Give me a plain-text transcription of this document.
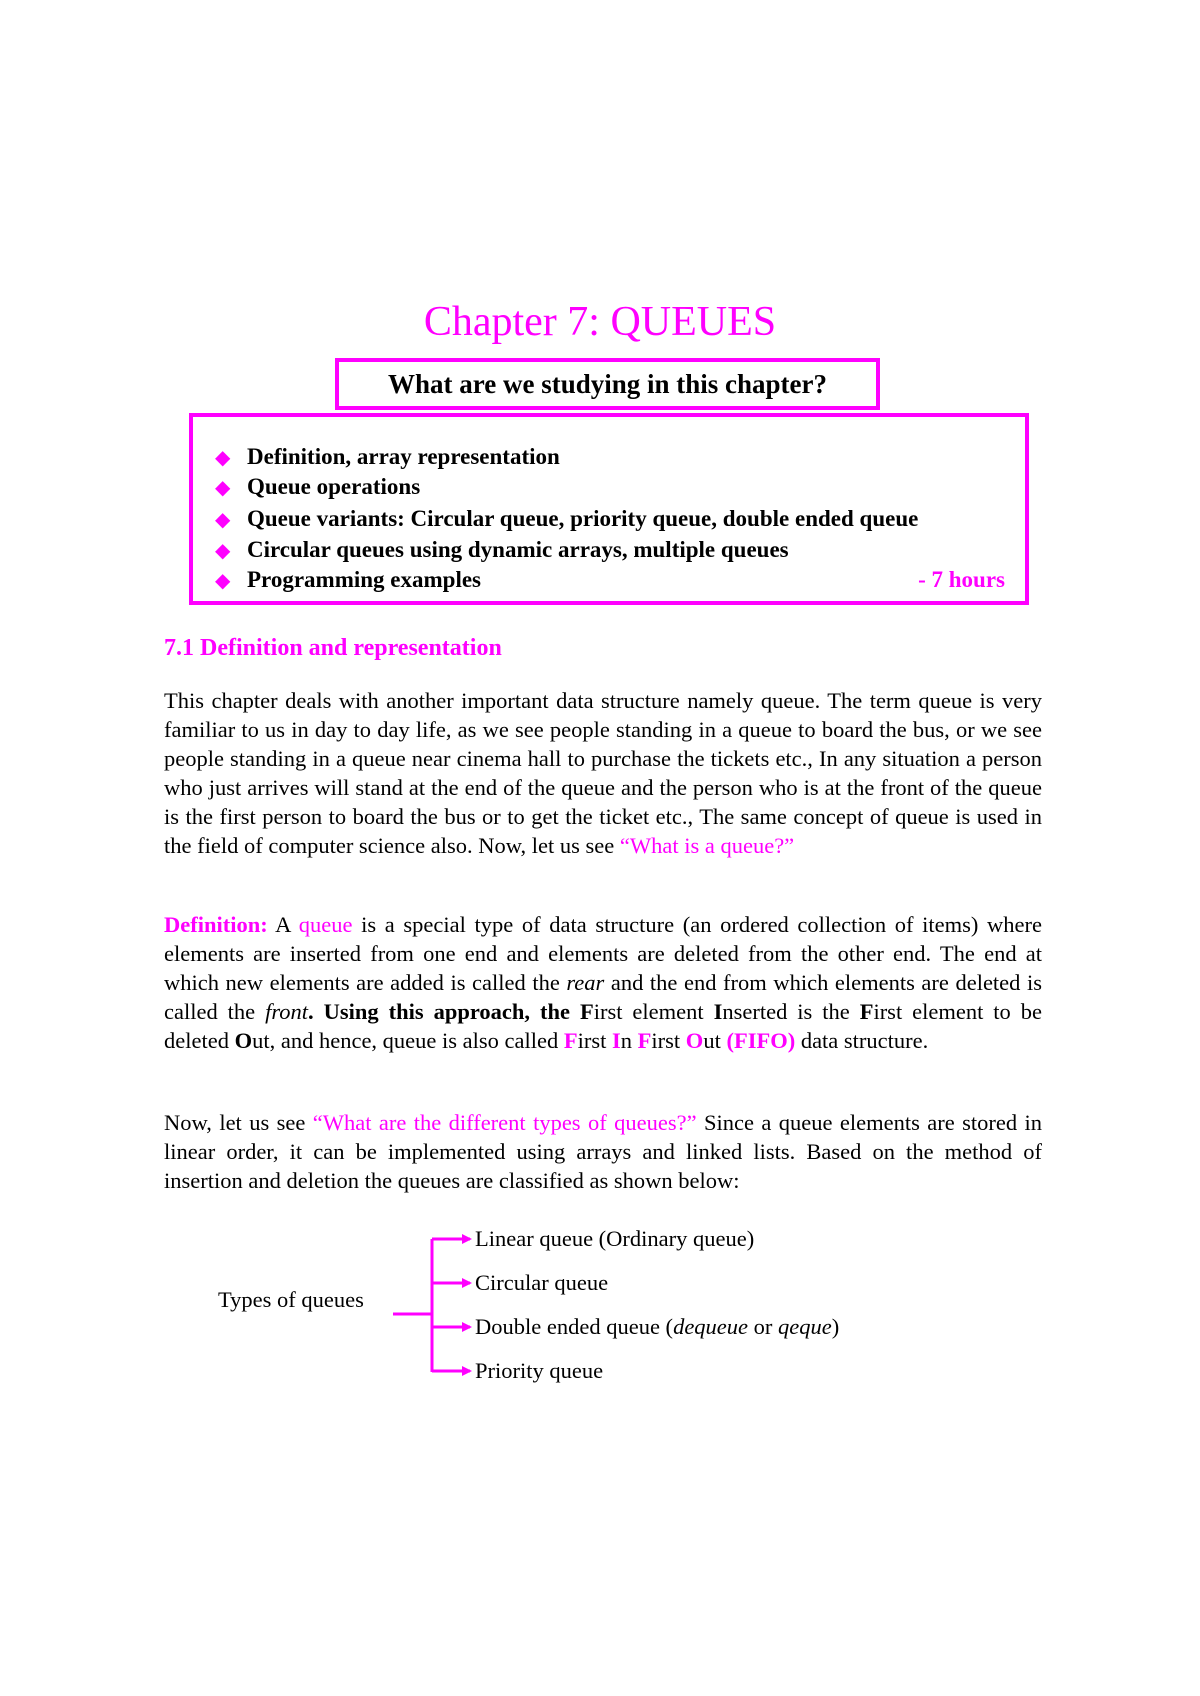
Chapter 7: QUEUES
◆ Definition, array representation
◆ Queue operations
◆ Queue variants: Circular queue, priority queue, double ended queue
◆ Circular queues using dynamic arrays, multiple queues
◆ Programming examples	- 7 hours
What are we studying in this chapter?
7.1 Definition and representation
This chapter deals with another important data structure namely queue. The term queue is very familiar to us in day to day life, as we see people standing in a queue to board the bus, or we see people standing in a queue near cinema hall to purchase the tickets etc., In any situation a person who just arrives will stand at the end of the queue and the person who is at the front of the queue is the first person to board the bus or to get the ticket etc., The same concept of queue is used in the field of computer science also. Now, let us see “What is a queue?”
Definition: A queue is a special type of data structure (an ordered collection of items) where elements are inserted from one end and elements are deleted from the other end. The end at which new elements are added is called the rear and the end from which elements are deleted is called the front. Using this approach, the First element Inserted is the First element to be deleted Out, and hence, queue is also called First In First Out (FIFO) data structure.
Now, let us see “What are the different types of queues?” Since a queue elements are stored in linear order, it can be implemented using arrays and linked lists. Based on the method of insertion and deletion the queues are classified as shown below:
Types of queues
Linear queue (Ordinary queue)
Circular queue
Double ended queue (dequeue or qeque)
Priority queue
